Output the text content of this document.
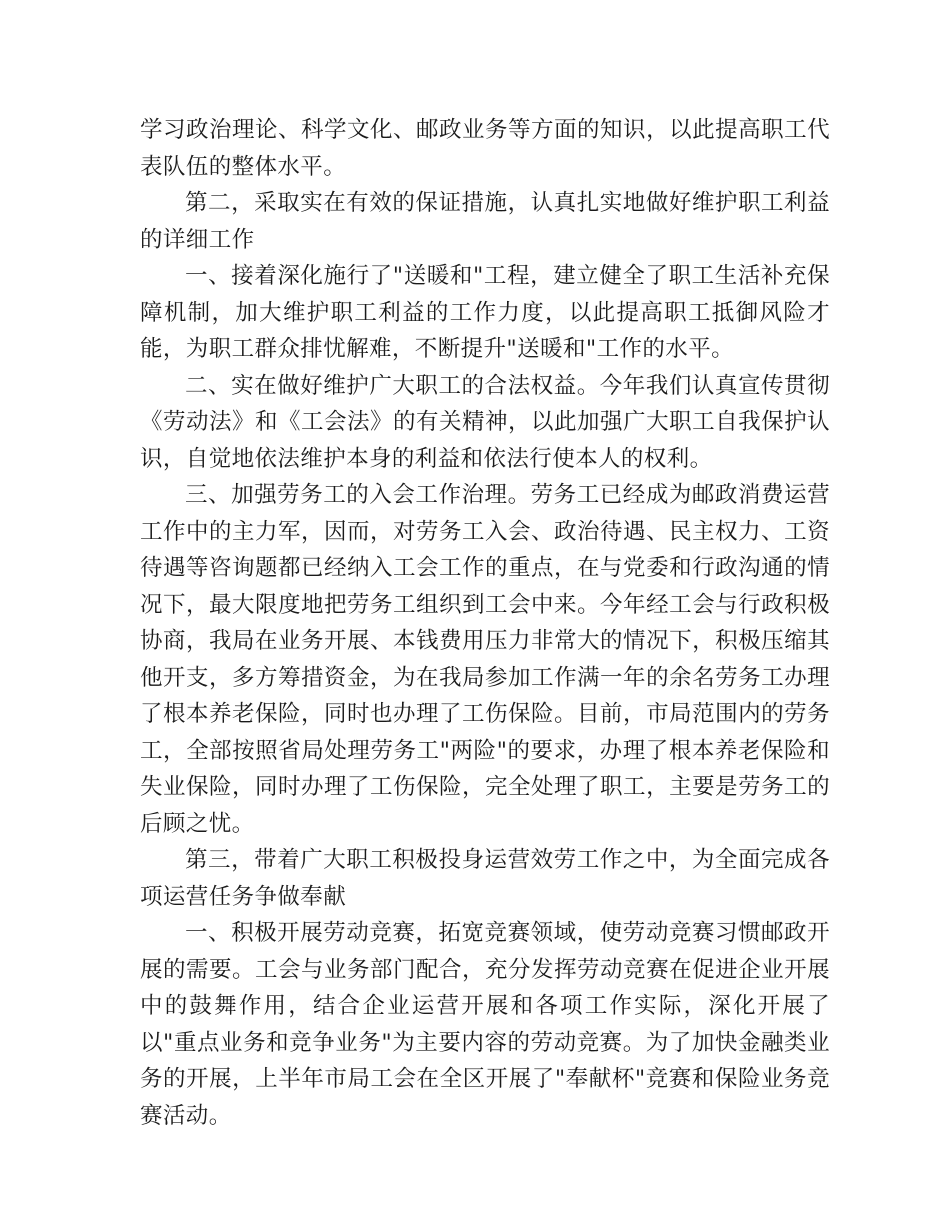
学习政治理论、科学文化、邮政业务等方面的知识，以此提高职工代表队伍的整体水平。

第二，采取实在有效的保证措施，认真扎实地做好维护职工利益的详细工作

一、接着深化施行了"送暖和"工程，建立健全了职工生活补充保障机制，加大维护职工利益的工作力度，以此提高职工抵御风险才能，为职工群众排忧解难，不断提升"送暖和"工作的水平。

二、实在做好维护广大职工的合法权益。今年我们认真宣传贯彻《劳动法》和《工会法》的有关精神，以此加强广大职工自我保护认识，自觉地依法维护本身的利益和依法行使本人的权利。

三、加强劳务工的入会工作治理。劳务工已经成为邮政消费运营工作中的主力军，因而，对劳务工入会、政治待遇、民主权力、工资待遇等咨询题都已经纳入工会工作的重点，在与党委和行政沟通的情况下，最大限度地把劳务工组织到工会中来。今年经工会与行政积极协商，我局在业务开展、本钱费用压力非常大的情况下，积极压缩其他开支，多方筹措资金，为在我局参加工作满一年的余名劳务工办理了根本养老保险，同时也办理了工伤保险。目前，市局范围内的劳务工，全部按照省局处理劳务工"两险"的要求，办理了根本养老保险和失业保险，同时办理了工伤保险，完全处理了职工，主要是劳务工的后顾之忧。

第三，带着广大职工积极投身运营效劳工作之中，为全面完成各项运营任务争做奉献

一、积极开展劳动竞赛，拓宽竞赛领域，使劳动竞赛习惯邮政开展的需要。工会与业务部门配合，充分发挥劳动竞赛在促进企业开展中的鼓舞作用，结合企业运营开展和各项工作实际，深化开展了以"重点业务和竞争业务"为主要内容的劳动竞赛。为了加快金融类业务的开展，上半年市局工会在全区开展了"奉献杯"竞赛和保险业务竞赛活动。
